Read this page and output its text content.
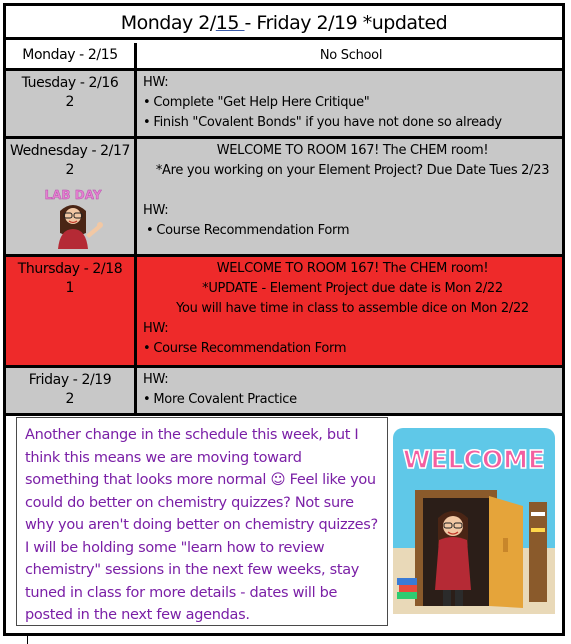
Monday 2/15 - Friday 2/19 *updated
Monday - 2/15	No School
Tuesday - 2/16
2
HW:
• Complete "Get Help Here Critique"
• Finish "Covalent Bonds" if you have not done so already
Wednesday - 2/17
2
WELCOME TO ROOM 167! The CHEM room!
*Are you working on your Element Project? Due Date Tues 2/23
HW:
• Course Recommendation Form
Thursday - 2/18
1
WELCOME TO ROOM 167! The CHEM room!
*UPDATE - Element Project due date is Mon 2/22
You will have time in class to assemble dice on Mon 2/22
HW:
• Course Recommendation Form
Friday - 2/19
2
HW:
• More Covalent Practice
LAB DAY
Another change in the schedule this week, but I think this means we are moving toward something that looks more normal ☺ Feel like you could do better on chemistry quizzes? Not sure why you aren't doing better on chemistry quizzes? I will be holding some "learn how to review chemistry" sessions in the next few weeks, stay tuned in class for more details - dates will be posted in the next few agendas.
WELCOME
